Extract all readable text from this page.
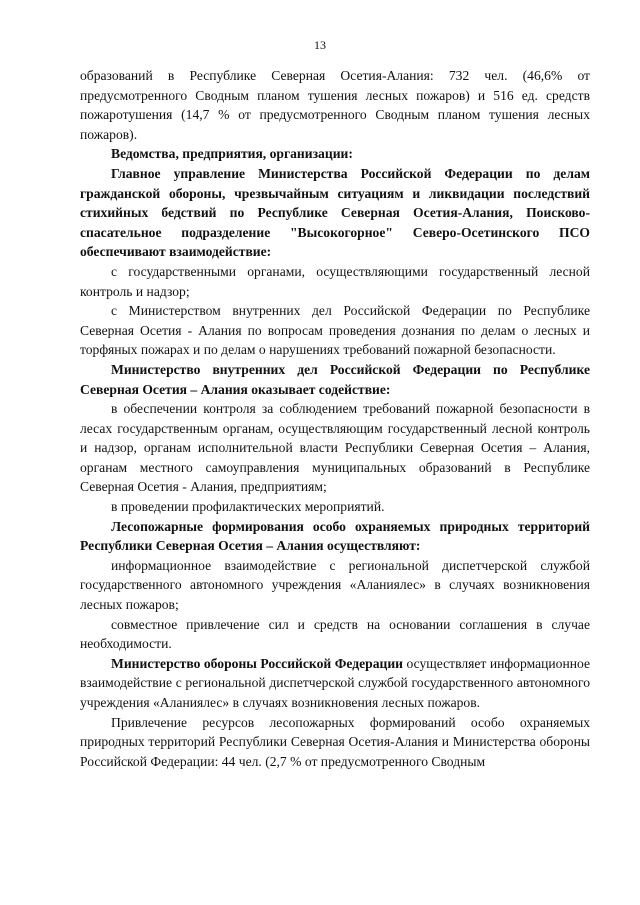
13

образований в Республике Северная Осетия-Алания: 732 чел. (46,6% от предусмотренного Сводным планом тушения лесных пожаров) и 516 ед. средств пожаротушения (14,7 % от предусмотренного Сводным планом тушения лесных пожаров).

Ведомства, предприятия, организации:

Главное управление Министерства Российской Федерации по делам гражданской обороны, чрезвычайным ситуациям и ликвидации последствий стихийных бедствий по Республике Северная Осетия-Алания, Поисково-спасательное подразделение "Высокогорное" Северо-Осетинского ПСО обеспечивают взаимодействие:

с государственными органами, осуществляющими государственный лесной контроль и надзор;

с Министерством внутренних дел Российской Федерации по Республике Северная Осетия - Алания по вопросам проведения дознания по делам о лесных и торфяных пожарах и по делам о нарушениях требований пожарной безопасности.

Министерство внутренних дел Российской Федерации по Республике Северная Осетия – Алания оказывает содействие:

в обеспечении контроля за соблюдением требований пожарной безопасности в лесах государственным органам, осуществляющим государственный лесной контроль и надзор, органам исполнительной власти Республики Северная Осетия – Алания, органам местного самоуправления муниципальных образований в Республике Северная Осетия - Алания, предприятиям;

в проведении профилактических мероприятий.

Лесопожарные формирования особо охраняемых природных территорий Республики Северная Осетия – Алания осуществляют:

информационное взаимодействие с региональной диспетчерской службой государственного автономного учреждения «Аланиялес» в случаях возникновения лесных пожаров;

совместное привлечение сил и средств на основании соглашения в случае необходимости.

Министерство обороны Российской Федерации осуществляет информационное взаимодействие с региональной диспетчерской службой государственного автономного учреждения «Аланиялес» в случаях возникновения лесных пожаров.

Привлечение ресурсов лесопожарных формирований особо охраняемых природных территорий Республики Северная Осетия-Алания и Министерства обороны Российской Федерации: 44 чел. (2,7 % от предусмотренного Сводным
